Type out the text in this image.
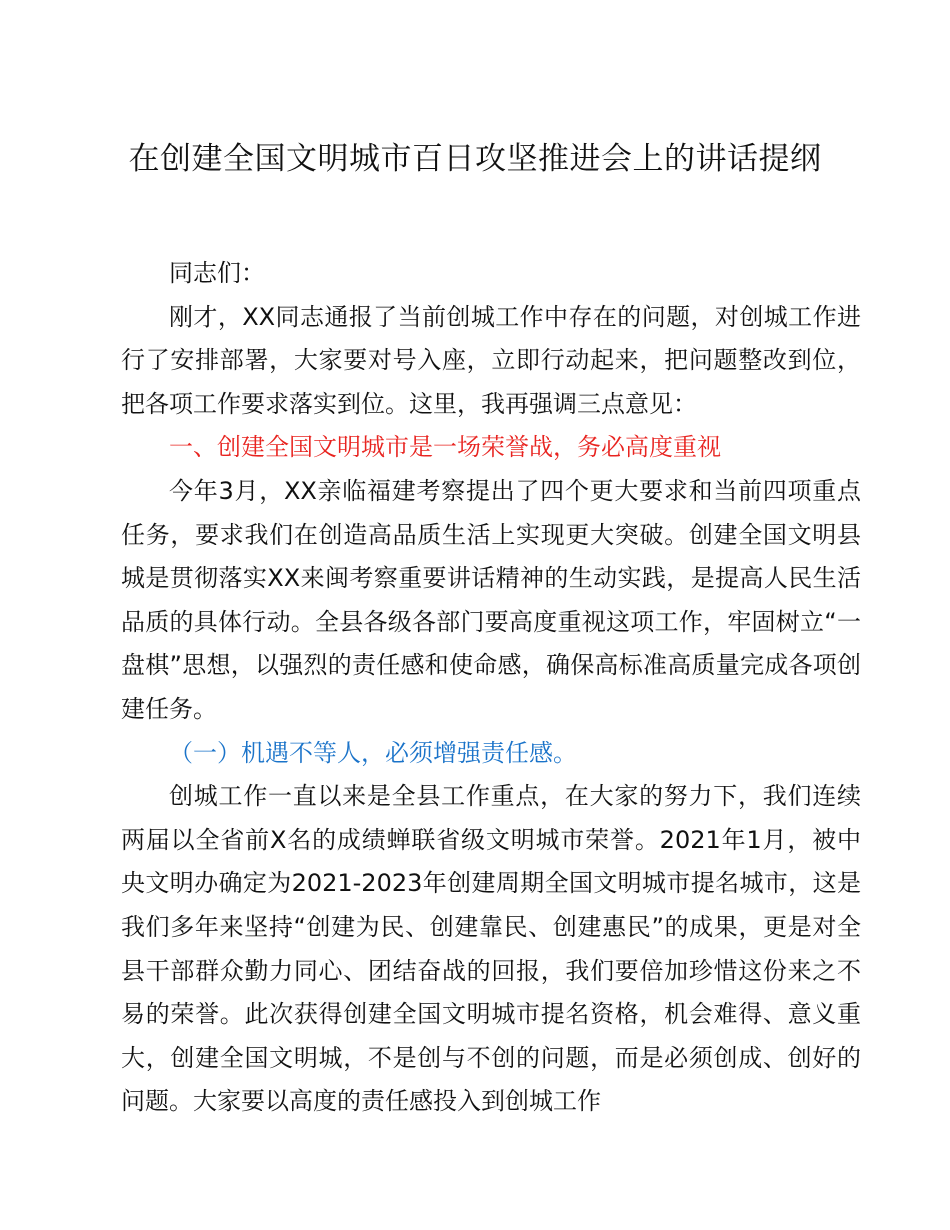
在创建全国文明城市百日攻坚推进会上的讲话提纲

同志们：

刚才，XX同志通报了当前创城工作中存在的问题，对创城工作进行了安排部署，大家要对号入座，立即行动起来，把问题整改到位，把各项工作要求落实到位。这里，我再强调三点意见：

一、创建全国文明城市是一场荣誉战，务必高度重视

今年3月，XX亲临福建考察提出了四个更大要求和当前四项重点任务，要求我们在创造高品质生活上实现更大突破。创建全国文明县城是贯彻落实XX来闽考察重要讲话精神的生动实践，是提高人民生活品质的具体行动。全县各级各部门要高度重视这项工作，牢固树立“一盘棋”思想，以强烈的责任感和使命感，确保高标准高质量完成各项创建任务。

（一）机遇不等人，必须增强责任感。

创城工作一直以来是全县工作重点，在大家的努力下，我们连续两届以全省前X名的成绩蝉联省级文明城市荣誉。2021年1月，被中央文明办确定为2021-2023年创建周期全国文明城市提名城市，这是我们多年来坚持“创建为民、创建靠民、创建惠民”的成果，更是对全县干部群众勤力同心、团结奋战的回报，我们要倍加珍惜这份来之不易的荣誉。此次获得创建全国文明城市提名资格，机会难得、意义重大，创建全国文明城，不是创与不创的问题，而是必须创成、创好的问题。大家要以高度的责任感投入到创城工作
